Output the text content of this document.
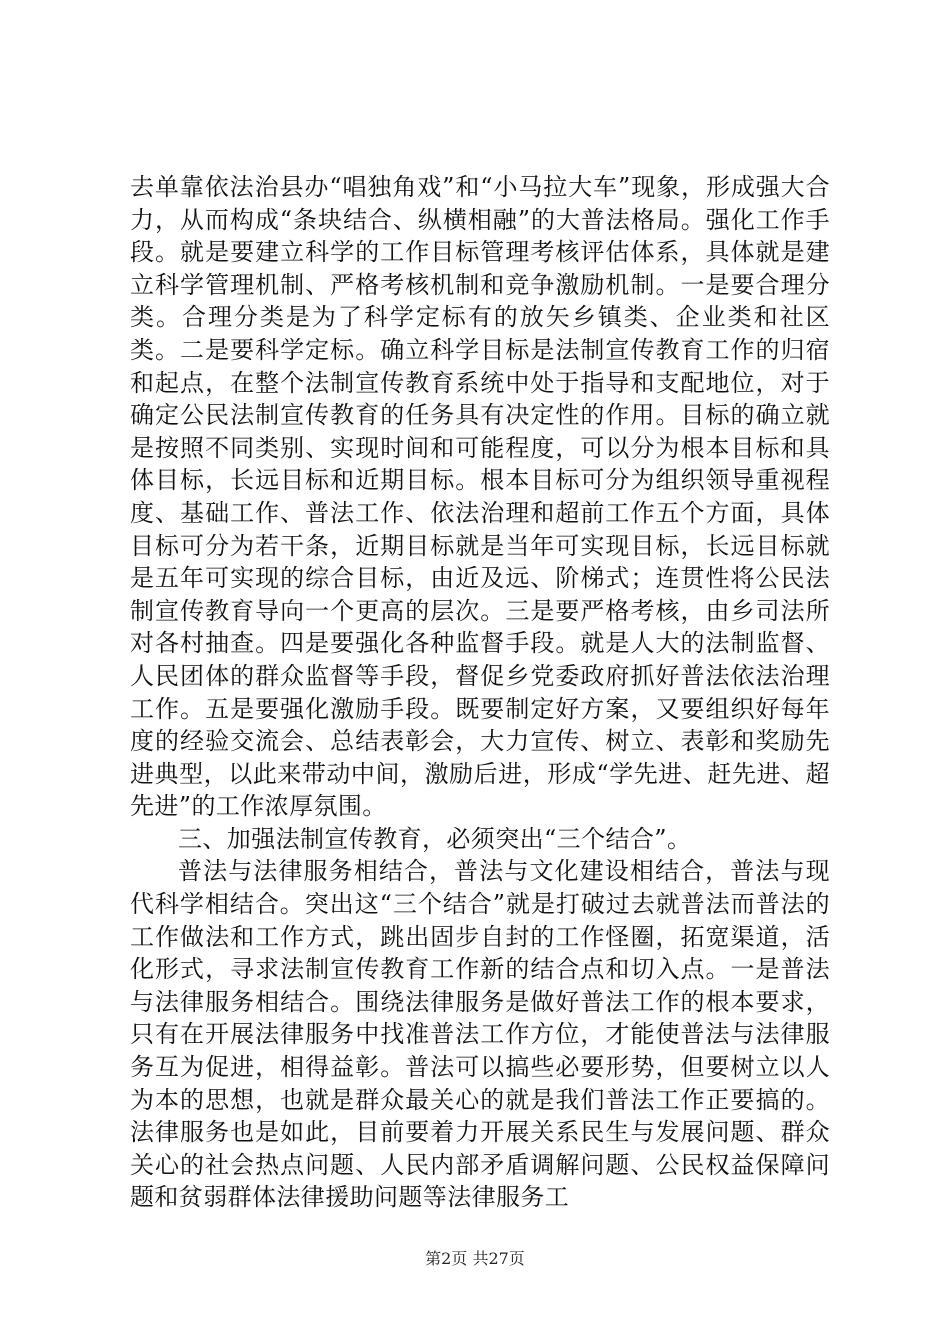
去单靠依法治县办“唱独角戏”和“小马拉大车”现象，形成强大合力，从而构成“条块结合、纵横相融”的大普法格局。强化工作手段。就是要建立科学的工作目标管理考核评估体系，具体就是建立科学管理机制、严格考核机制和竞争激励机制。一是要合理分类。合理分类是为了科学定标有的放矢乡镇类、企业类和社区类。二是要科学定标。确立科学目标是法制宣传教育工作的归宿和起点，在整个法制宣传教育系统中处于指导和支配地位，对于确定公民法制宣传教育的任务具有决定性的作用。目标的确立就是按照不同类别、实现时间和可能程度，可以分为根本目标和具体目标，长远目标和近期目标。根本目标可分为组织领导重视程度、基础工作、普法工作、依法治理和超前工作五个方面，具体目标可分为若干条，近期目标就是当年可实现目标，长远目标就是五年可实现的综合目标，由近及远、阶梯式；连贯性将公民法制宣传教育导向一个更高的层次。三是要严格考核，由乡司法所对各村抽查。四是要强化各种监督手段。就是人大的法制监督、人民团体的群众监督等手段，督促乡党委政府抓好普法依法治理工作。五是要强化激励手段。既要制定好方案，又要组织好每年度的经验交流会、总结表彰会，大力宣传、树立、表彰和奖励先进典型，以此来带动中间，激励后进，形成“学先进、赶先进、超先进”的工作浓厚氛围。

三、加强法制宣传教育，必须突出“三个结合”。

普法与法律服务相结合，普法与文化建设相结合，普法与现代科学相结合。突出这“三个结合”就是打破过去就普法而普法的工作做法和工作方式，跳出固步自封的工作怪圈，拓宽渠道，活化形式，寻求法制宣传教育工作新的结合点和切入点。一是普法与法律服务相结合。围绕法律服务是做好普法工作的根本要求，只有在开展法律服务中找准普法工作方位，才能使普法与法律服务互为促进，相得益彰。普法可以搞些必要形势，但要树立以人为本的思想，也就是群众最关心的就是我们普法工作正要搞的。法律服务也是如此，目前要着力开展关系民生与发展问题、群众关心的社会热点问题、人民内部矛盾调解问题、公民权益保障问题和贫弱群体法律援助问题等法律服务工

第2页 共27页
